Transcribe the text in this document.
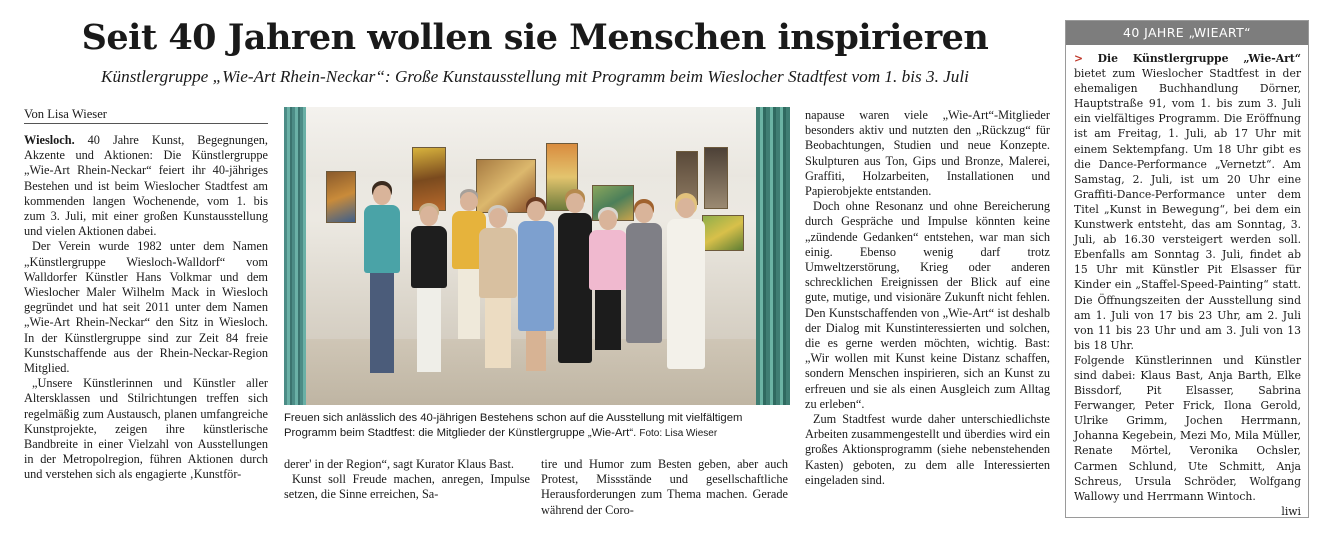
Seit 40 Jahren wollen sie Menschen inspirieren

Künstlergruppe „Wie-Art Rhein-Neckar“: Große Kunstausstellung mit Programm beim Wieslocher Stadtfest vom 1. bis 3. Juli

Von Lisa Wieser

Wiesloch. 40 Jahre Kunst, Begegnungen, Akzente und Aktionen: Die Künstlergruppe „Wie-Art Rhein-Neckar“ feiert ihr 40-jähriges Bestehen und ist beim Wieslocher Stadtfest am kommenden langen Wochenende, vom 1. bis zum 3. Juli, mit einer großen Kunstausstellung und vielen Aktionen dabei.

Der Verein wurde 1982 unter dem Namen „Künstlergruppe Wiesloch-Walldorf“ vom Walldorfer Künstler Hans Volkmar und dem Wieslocher Maler Wilhelm Mack in Wiesloch gegründet und hat seit 2011 unter dem Namen „Wie-Art Rhein-Neckar“ den Sitz in Wiesloch. In der Künstlergruppe sind zur Zeit 84 freie Kunstschaffende aus der Rhein-Neckar-Region Mitglied.

„Unsere Künstlerinnen und Künstler aller Altersklassen und Stilrichtungen treffen sich regelmäßig zum Austausch, planen umfangreiche Kunstprojekte, zeigen ihre künstlerische Bandbreite in einer Vielzahl von Ausstellungen in der Metropolregion, führen Aktionen durch und verstehen sich als engagierte ‚Kunstför-

Freuen sich anlässlich des 40-jährigen Bestehens schon auf die Ausstellung mit vielfältigem Programm beim Stadtfest: die Mitglieder der Künstlergruppe „Wie-Art“. Foto: Lisa Wieser

derer' in der Region“, sagt Kurator Klaus Bast.

Kunst soll Freude machen, anregen, Impulse setzen, die Sinne erreichen, Sa-

tire und Humor zum Besten geben, aber auch Protest, Missstände und gesellschaftliche Herausforderungen zum Thema machen. Gerade während der Coro-

napause waren viele „Wie-Art“-Mitglieder besonders aktiv und nutzten den „Rückzug“ für Beobachtungen, Studien und neue Konzepte. Skulpturen aus Ton, Gips und Bronze, Malerei, Graffiti, Holzarbeiten, Installationen und Papierobjekte entstanden.

Doch ohne Resonanz und ohne Bereicherung durch Gespräche und Impulse könnten keine „zündende Gedanken“ entstehen, war man sich einig. Ebenso wenig darf trotz Umweltzerstörung, Krieg oder anderen schrecklichen Ereignissen der Blick auf eine gute, mutige, und visionäre Zukunft nicht fehlen. Den Kunstschaffenden von „Wie-Art“ ist deshalb der Dialog mit Kunstinteressierten und solchen, die es gerne werden möchten, wichtig. Bast: „Wir wollen mit Kunst keine Distanz schaffen, sondern Menschen inspirieren, sich an Kunst zu erfreuen und sie als einen Ausgleich zum Alltag zu erleben“.

Zum Stadtfest wurde daher unterschiedlichste Arbeiten zusammengestellt und überdies wird ein großes Aktionsprogramm (siehe nebenstehenden Kasten) geboten, zu dem alle Interessierten eingeladen sind.

40 JAHRE „WIEART“

> Die Künstlergruppe „Wie-Art“ bietet zum Wieslocher Stadtfest in der ehemaligen Buchhandlung Dörner, Hauptstraße 91, vom 1. bis zum 3. Juli ein vielfältiges Programm. Die Eröffnung ist am Freitag, 1. Juli, ab 17 Uhr mit einem Sektempfang. Um 18 Uhr gibt es die Dance-Performance „Vernetzt“. Am Samstag, 2. Juli, ist um 20 Uhr eine Graffiti-Dance-Performance unter dem Titel „Kunst in Bewegung“, bei dem ein Kunstwerk entsteht, das am Sonntag, 3. Juli, ab 16.30 versteigert werden soll. Ebenfalls am Sonntag 3. Juli, findet ab 15 Uhr mit Künstler Pit Elsasser für Kinder ein „Staffel-Speed-Painting“ statt. Die Öffnungszeiten der Ausstellung sind am 1. Juli von 17 bis 23 Uhr, am 2. Juli von 11 bis 23 Uhr und am 3. Juli von 13 bis 18 Uhr.

Folgende Künstlerinnen und Künstler sind dabei: Klaus Bast, Anja Barth, Elke Bissdorf, Pit Elsasser, Sabrina Ferwanger, Peter Frick, Ilona Gerold, Ulrike Grimm, Jochen Herrmann, Johanna Kegebein, Mezi Mo, Mila Müller, Renate Mörtel, Veronika Ochsler, Carmen Schlund, Ute Schmitt, Anja Schreus, Ursula Schröder, Wolfgang Wallowy und Herrmann Wintoch.

liwi
